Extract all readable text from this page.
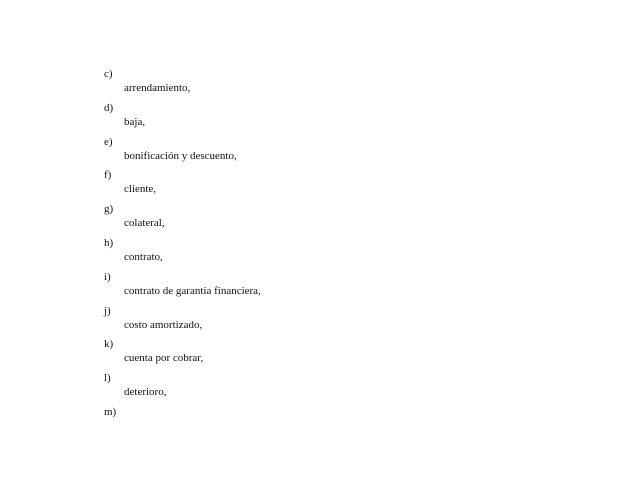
c)
arrendamiento,
d)
baja,
e)
bonificación y descuento,
f)
cliente,
g)
colateral,
h)
contrato,
i)
contrato de garantía financiera,
j)
costo amortizado,
k)
cuenta por cobrar,
l)
deterioro,
m)
